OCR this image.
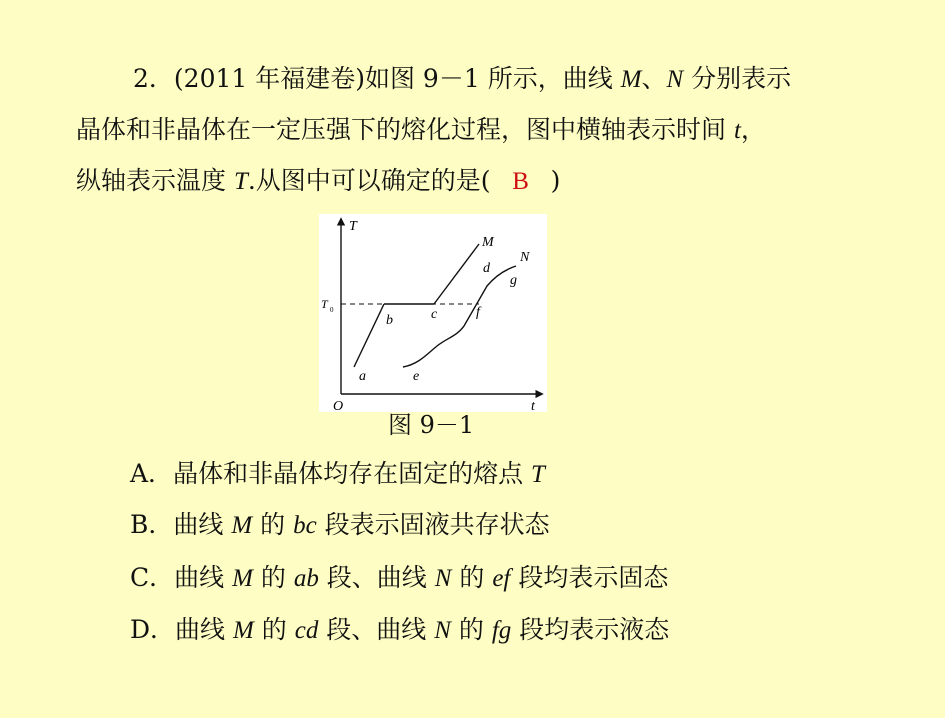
2．(2011 年福建卷)如图 9－1 所示，曲线 M、N 分别表示
晶体和非晶体在一定压强下的熔化过程，图中横轴表示时间 t，
纵轴表示温度 T.从图中可以确定的是( B )
T
t
O
T 0
a
b	c
d
M
N
e
f
g
图 9－1
A．晶体和非晶体均存在固定的熔点 T
B．曲线 M 的 bc 段表示固液共存状态
C．曲线 M 的 ab 段、曲线 N 的 ef 段均表示固态
D．曲线 M 的 cd 段、曲线 N 的 fg 段均表示液态
